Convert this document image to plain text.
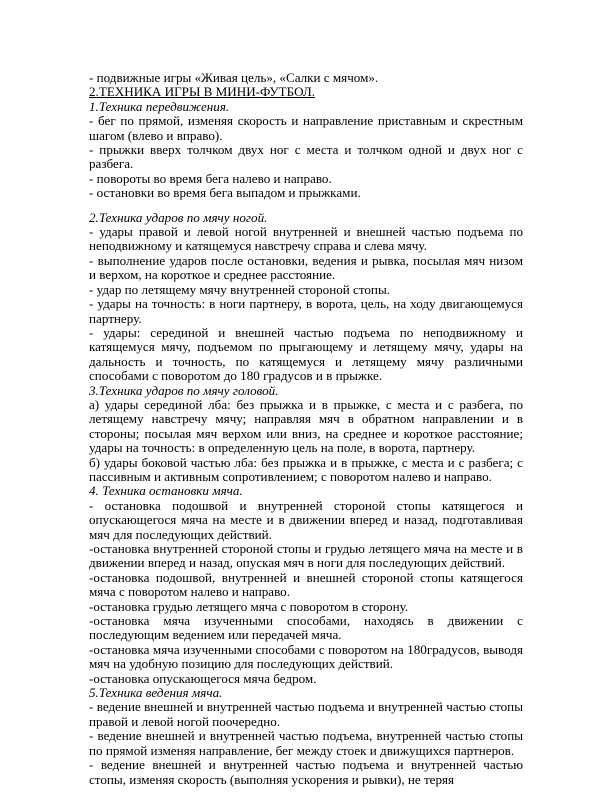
- подвижные игры «Живая цель», «Салки с мячом».

2.ТЕХНИКА ИГРЫ В МИНИ-ФУТБОЛ.

1.Техника передвижения.

- бег по прямой, изменяя скорость и направление приставным и скрестным шагом (влево и вправо).

- прыжки вверх толчком двух ног с места и толчком одной и двух ног с разбега.

- повороты во время бега налево и направо.

- остановки во время бега выпадом и прыжками.

2.Техника ударов по мячу ногой.

- удары правой и левой ногой внутренней и внешней частью подъема по неподвижному и катящемуся навстречу справа и слева мячу.

- выполнение ударов после остановки, ведения и рывка, посылая мяч низом и верхом, на короткое и среднее расстояние.

- удар по летящему мячу внутренней стороной стопы.

- удары на точность: в ноги партнеру, в ворота, цель, на ходу двигающемуся партнеру.

- удары: серединой и внешней частью подъема по неподвижному и катящемуся мячу, подъемом по прыгающему и летящему мячу, удары на дальность и точность, по катящемуся и летящему мячу различными способами с поворотом до 180 градусов и в прыжке.

3.Техника ударов по мячу головой.

а) удары серединой лба: без прыжка и в прыжке, с места и с разбега, по летящему навстречу мячу; направляя мяч в обратном направлении и в стороны; посылая мяч верхом или вниз, на среднее и короткое расстояние; удары на точность: в определенную цель на поле, в ворота, партнеру.

б) удары боковой частью лба: без прыжка и в прыжке, с места и с разбега; с пассивным и активным сопротивлением; с поворотом налево и направо.

4. Техника остановки мяча.

- остановка подошвой и внутренней стороной стопы катящегося и опускающегося мяча на месте и в движении вперед и назад, подготавливая мяч для последующих действий.

-остановка внутренней стороной стопы и грудью летящего мяча на месте и в движении вперед и назад, опуская мяч в ноги для последующих действий.

-остановка подошвой, внутренней и внешней стороной стопы катящегося мяча с поворотом налево и направо.

-остановка грудью летящего мяча с поворотом в сторону.

-остановка мяча изученными способами, находясь в движении с последующим ведением или передачей мяча.

-остановка мяча изученными способами с поворотом на 180градусов, выводя мяч на удобную позицию для последующих действий.

-остановка опускающегося мяча бедром.

5.Техника ведения мяча.

- ведение внешней и внутренней частью подъема и внутренней частью стопы правой и левой ногой поочередно.

- ведение внешней и внутренней частью подъема, внутренней частью стопы по прямой изменяя направление, бег между стоек и движущихся партнеров.

- ведение внешней и внутренней частью подъема и внутренней частью стопы, изменяя скорость (выполняя ускорения и рывки), не теряя
